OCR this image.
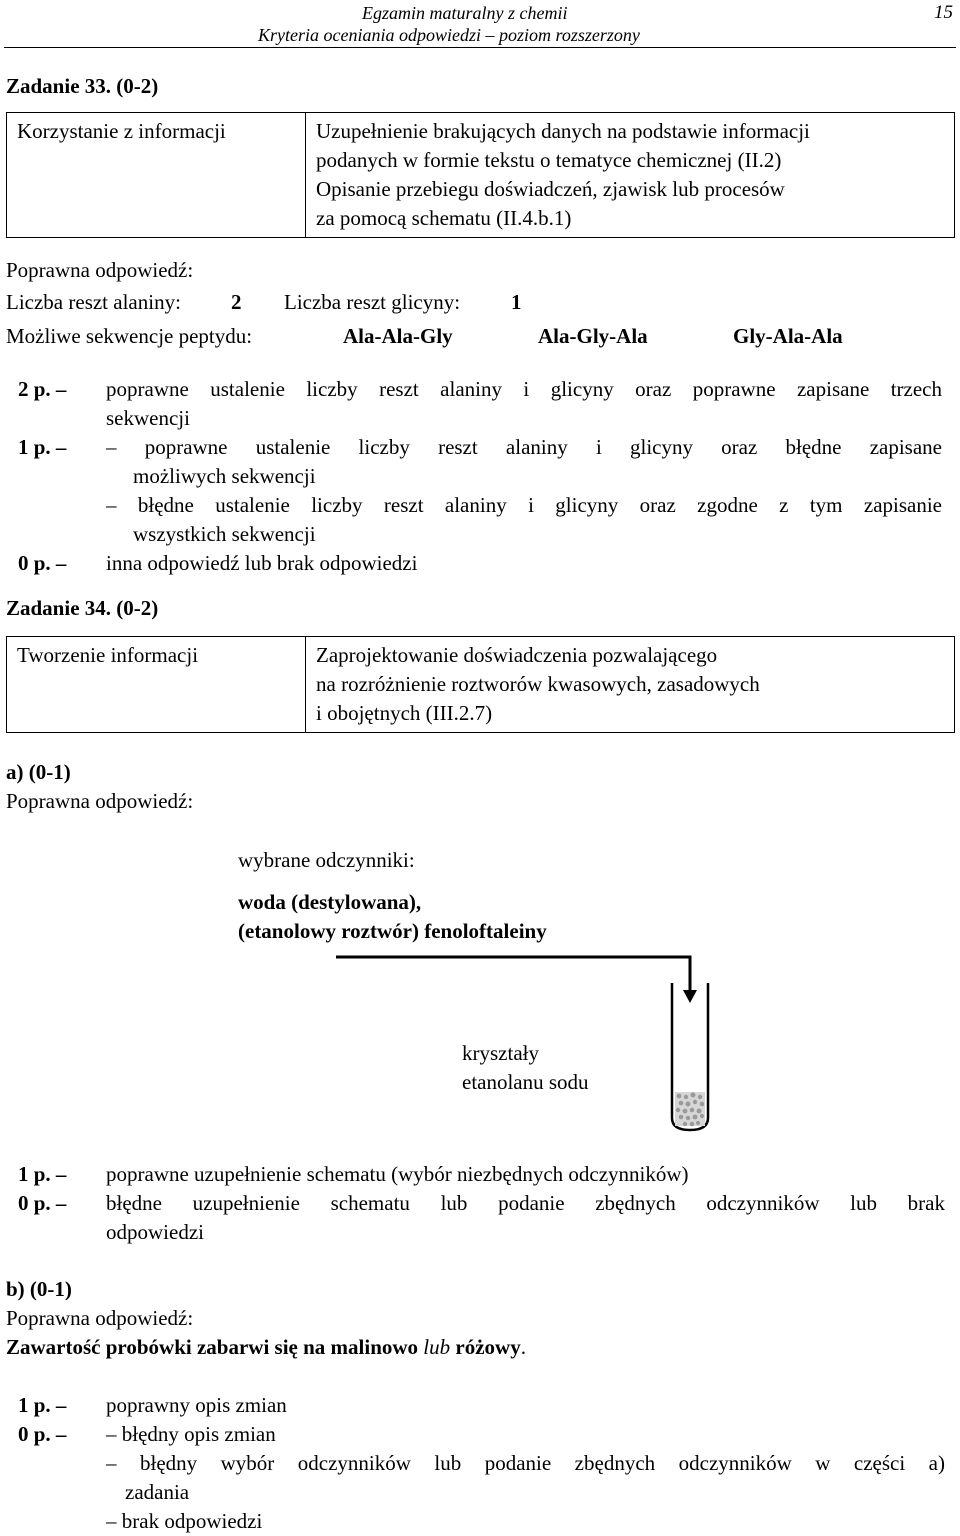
Egzamin maturalny z chemii
Kryteria oceniania odpowiedzi – poziom rozszerzony
15
Zadanie 33. (0-2)
Korzystanie z informacji	Uzupełnienie brakujących danych na podstawie informacji
podanych w formie tekstu o tematyce chemicznej (II.2)
Opisanie przebiegu doświadczeń, zjawisk lub procesów
za pomocą schematu (II.4.b.1)
Poprawna odpowiedź:
Liczba reszt alaniny: 2 Liczba reszt glicyny: 1
Możliwe sekwencje peptydu:	Ala-Ala-Gly	Ala-Gly-Ala	Gly-Ala-Ala
2 p. – poprawne ustalenie liczby reszt alaniny i glicyny oraz poprawne zapisane trzech
sekwencji
1 p. – – poprawne ustalenie liczby reszt alaniny i glicyny oraz błędne zapisane
możliwych sekwencji
– błędne ustalenie liczby reszt alaniny i glicyny oraz zgodne z tym zapisanie
wszystkich sekwencji
0 p. – inna odpowiedź lub brak odpowiedzi
Zadanie 34. (0-2)
Tworzenie informacji	Zaprojektowanie doświadczenia pozwalającego
na rozróżnienie roztworów kwasowych, zasadowych
i obojętnych (III.2.7)
a) (0-1)
Poprawna odpowiedź:
wybrane odczynniki:
woda (destylowana),
(etanolowy roztwór) fenoloftaleiny
kryształy
etanolanu sodu
1 p. – poprawne uzupełnienie schematu (wybór niezbędnych odczynników)
0 p. – błędne uzupełnienie schematu lub podanie zbędnych odczynników lub brak
odpowiedzi
b) (0-1)
Poprawna odpowiedź:
Zawartość probówki zabarwi się na malinowo lub różowy.
1 p. – poprawny opis zmian
0 p. – – błędny opis zmian
– błędny wybór odczynników lub podanie zbędnych odczynników w części a)
zadania
– brak odpowiedzi
